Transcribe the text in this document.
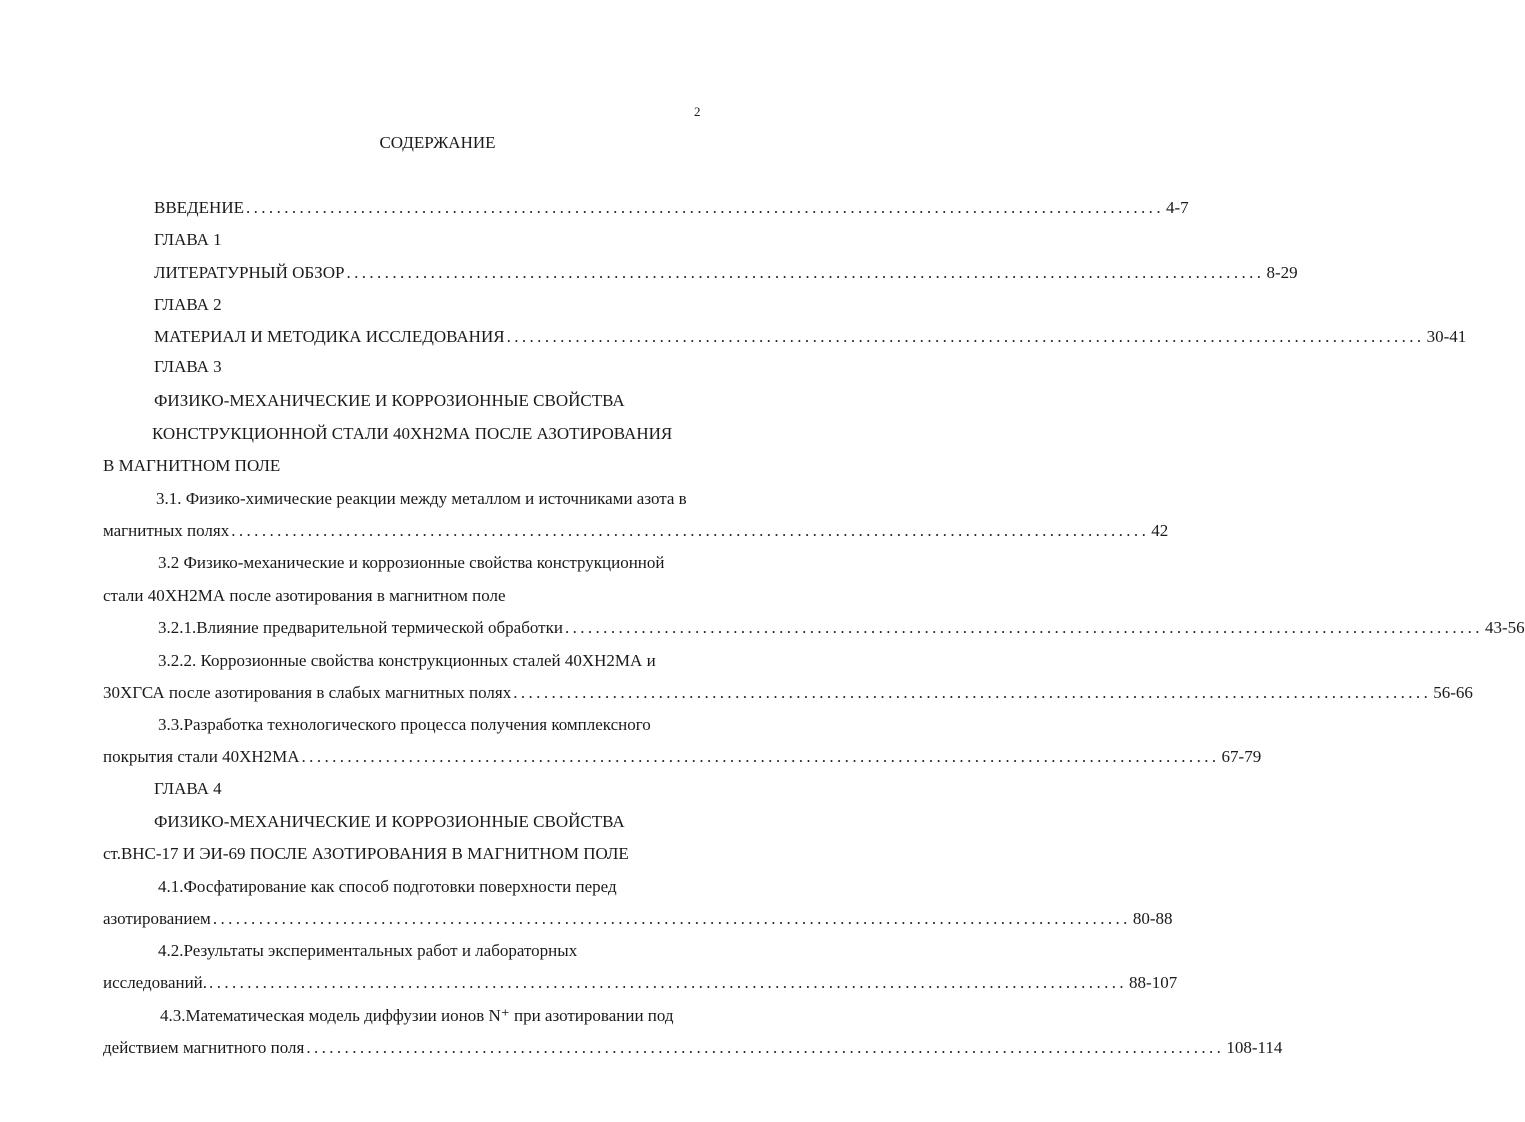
2
СОДЕРЖАНИЕ
ВВЕДЕНИЕ ........................................................................................................................ 4-7
ГЛАВА 1
ЛИТЕРАТУРНЫЙ ОБЗОР ........................................................................................................................ 8-29
ГЛАВА 2
МАТЕРИАЛ И МЕТОДИКА ИССЛЕДОВАНИЯ ........................................................................................................................ 30-41
ГЛАВА 3
ФИЗИКО-МЕХАНИЧЕСКИЕ И КОРРОЗИОННЫЕ СВОЙСТВА
КОНСТРУКЦИОННОЙ СТАЛИ 40ХН2МА ПОСЛЕ АЗОТИРОВАНИЯ
В МАГНИТНОМ ПОЛЕ
3.1. Физико-химические реакции между металлом и источниками азота в
магнитных полях ........................................................................................................................ 42
3.2 Физико-механические и коррозионные свойства конструкционной
стали 40ХН2МА после азотирования в магнитном поле
3.2.1.Влияние предварительной термической обработки ........................................................................................................................ 43-56
3.2.2. Коррозионные свойства конструкционных сталей 40ХН2МА и
30ХГСА после азотирования в слабых магнитных полях ........................................................................................................................ 56-66
3.3.Разработка технологического процесса получения комплексного
покрытия стали 40ХН2МА ........................................................................................................................ 67-79
ГЛАВА 4
ФИЗИКО-МЕХАНИЧЕСКИЕ И КОРРОЗИОННЫЕ СВОЙСТВА
ст.ВНС-17 И ЭИ-69 ПОСЛЕ АЗОТИРОВАНИЯ В МАГНИТНОМ ПОЛЕ
4.1.Фосфатирование как способ подготовки поверхности перед
азотированием ........................................................................................................................ 80-88
4.2.Результаты экспериментальных работ и лабораторных
исследований. ........................................................................................................................ 88-107
4.3.Математическая модель диффузии ионов N⁺ при азотировании под
действием магнитного поля ........................................................................................................................ 108-114
